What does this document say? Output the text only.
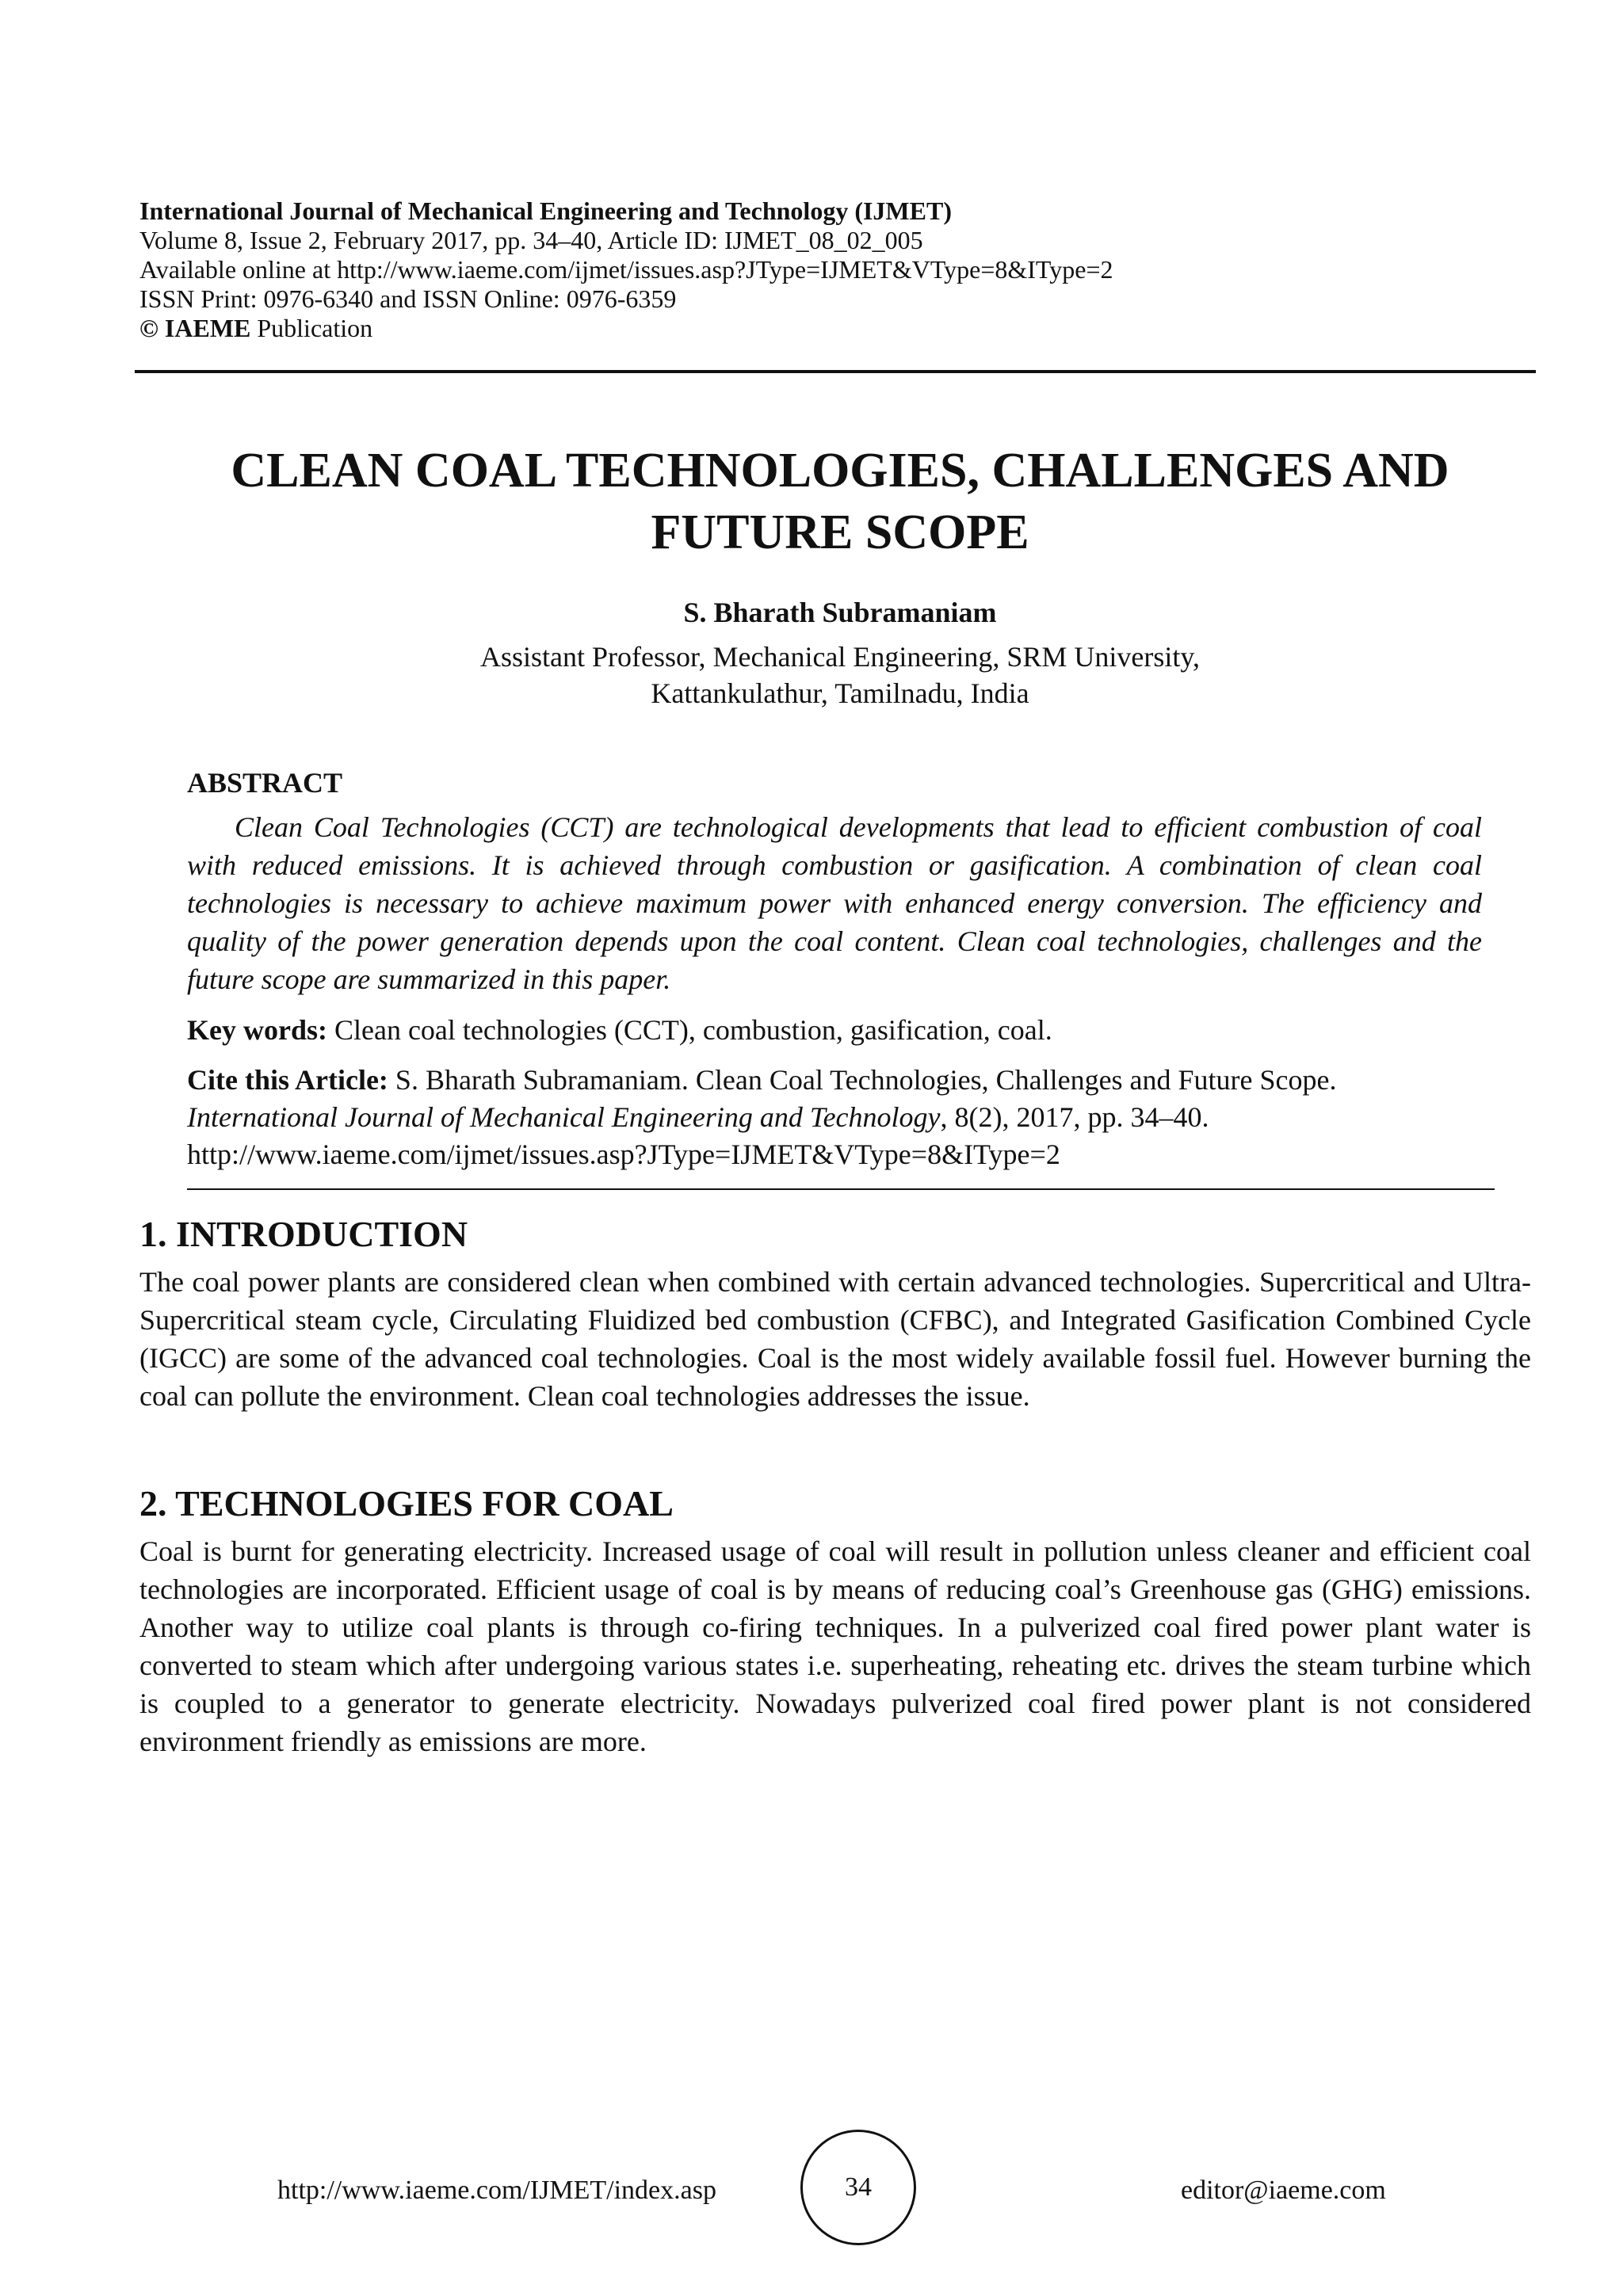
International Journal of Mechanical Engineering and Technology (IJMET)
Volume 8, Issue 2, February 2017, pp. 34–40, Article ID: IJMET_08_02_005
Available online at http://www.iaeme.com/ijmet/issues.asp?JType=IJMET&VType=8&IType=2
ISSN Print: 0976-6340 and ISSN Online: 0976-6359
© IAEME Publication
CLEAN COAL TECHNOLOGIES, CHALLENGES AND
FUTURE SCOPE
S. Bharath Subramaniam
Assistant Professor, Mechanical Engineering, SRM University,
Kattankulathur, Tamilnadu, India
ABSTRACT
Clean Coal Technologies (CCT) are technological developments that lead to efficient combustion of coal with reduced emissions. It is achieved through combustion or gasification. A combination of clean coal technologies is necessary to achieve maximum power with enhanced energy conversion. The efficiency and quality of the power generation depends upon the coal content. Clean coal technologies, challenges and the future scope are summarized in this paper.
Key words: Clean coal technologies (CCT), combustion, gasification, coal.
Cite this Article: S. Bharath Subramaniam. Clean Coal Technologies, Challenges and Future Scope. International Journal of Mechanical Engineering and Technology, 8(2), 2017, pp. 34–40.
http://www.iaeme.com/ijmet/issues.asp?JType=IJMET&VType=8&IType=2
1. INTRODUCTION

The coal power plants are considered clean when combined with certain advanced technologies. Supercritical and Ultra-Supercritical steam cycle, Circulating Fluidized bed combustion (CFBC), and Integrated Gasification Combined Cycle (IGCC) are some of the advanced coal technologies. Coal is the most widely available fossil fuel. However burning the coal can pollute the environment. Clean coal technologies addresses the issue.

2. TECHNOLOGIES FOR COAL

Coal is burnt for generating electricity. Increased usage of coal will result in pollution unless cleaner and efficient coal technologies are incorporated. Efficient usage of coal is by means of reducing coal’s Greenhouse gas (GHG) emissions. Another way to utilize coal plants is through co-firing techniques. In a pulverized coal fired power plant water is converted to steam which after undergoing various states i.e. superheating, reheating etc. drives the steam turbine which is coupled to a generator to generate electricity. Nowadays pulverized coal fired power plant is not considered environment friendly as emissions are more.

http://www.iaeme.com/IJMET/index.asp	34	editor@iaeme.com
